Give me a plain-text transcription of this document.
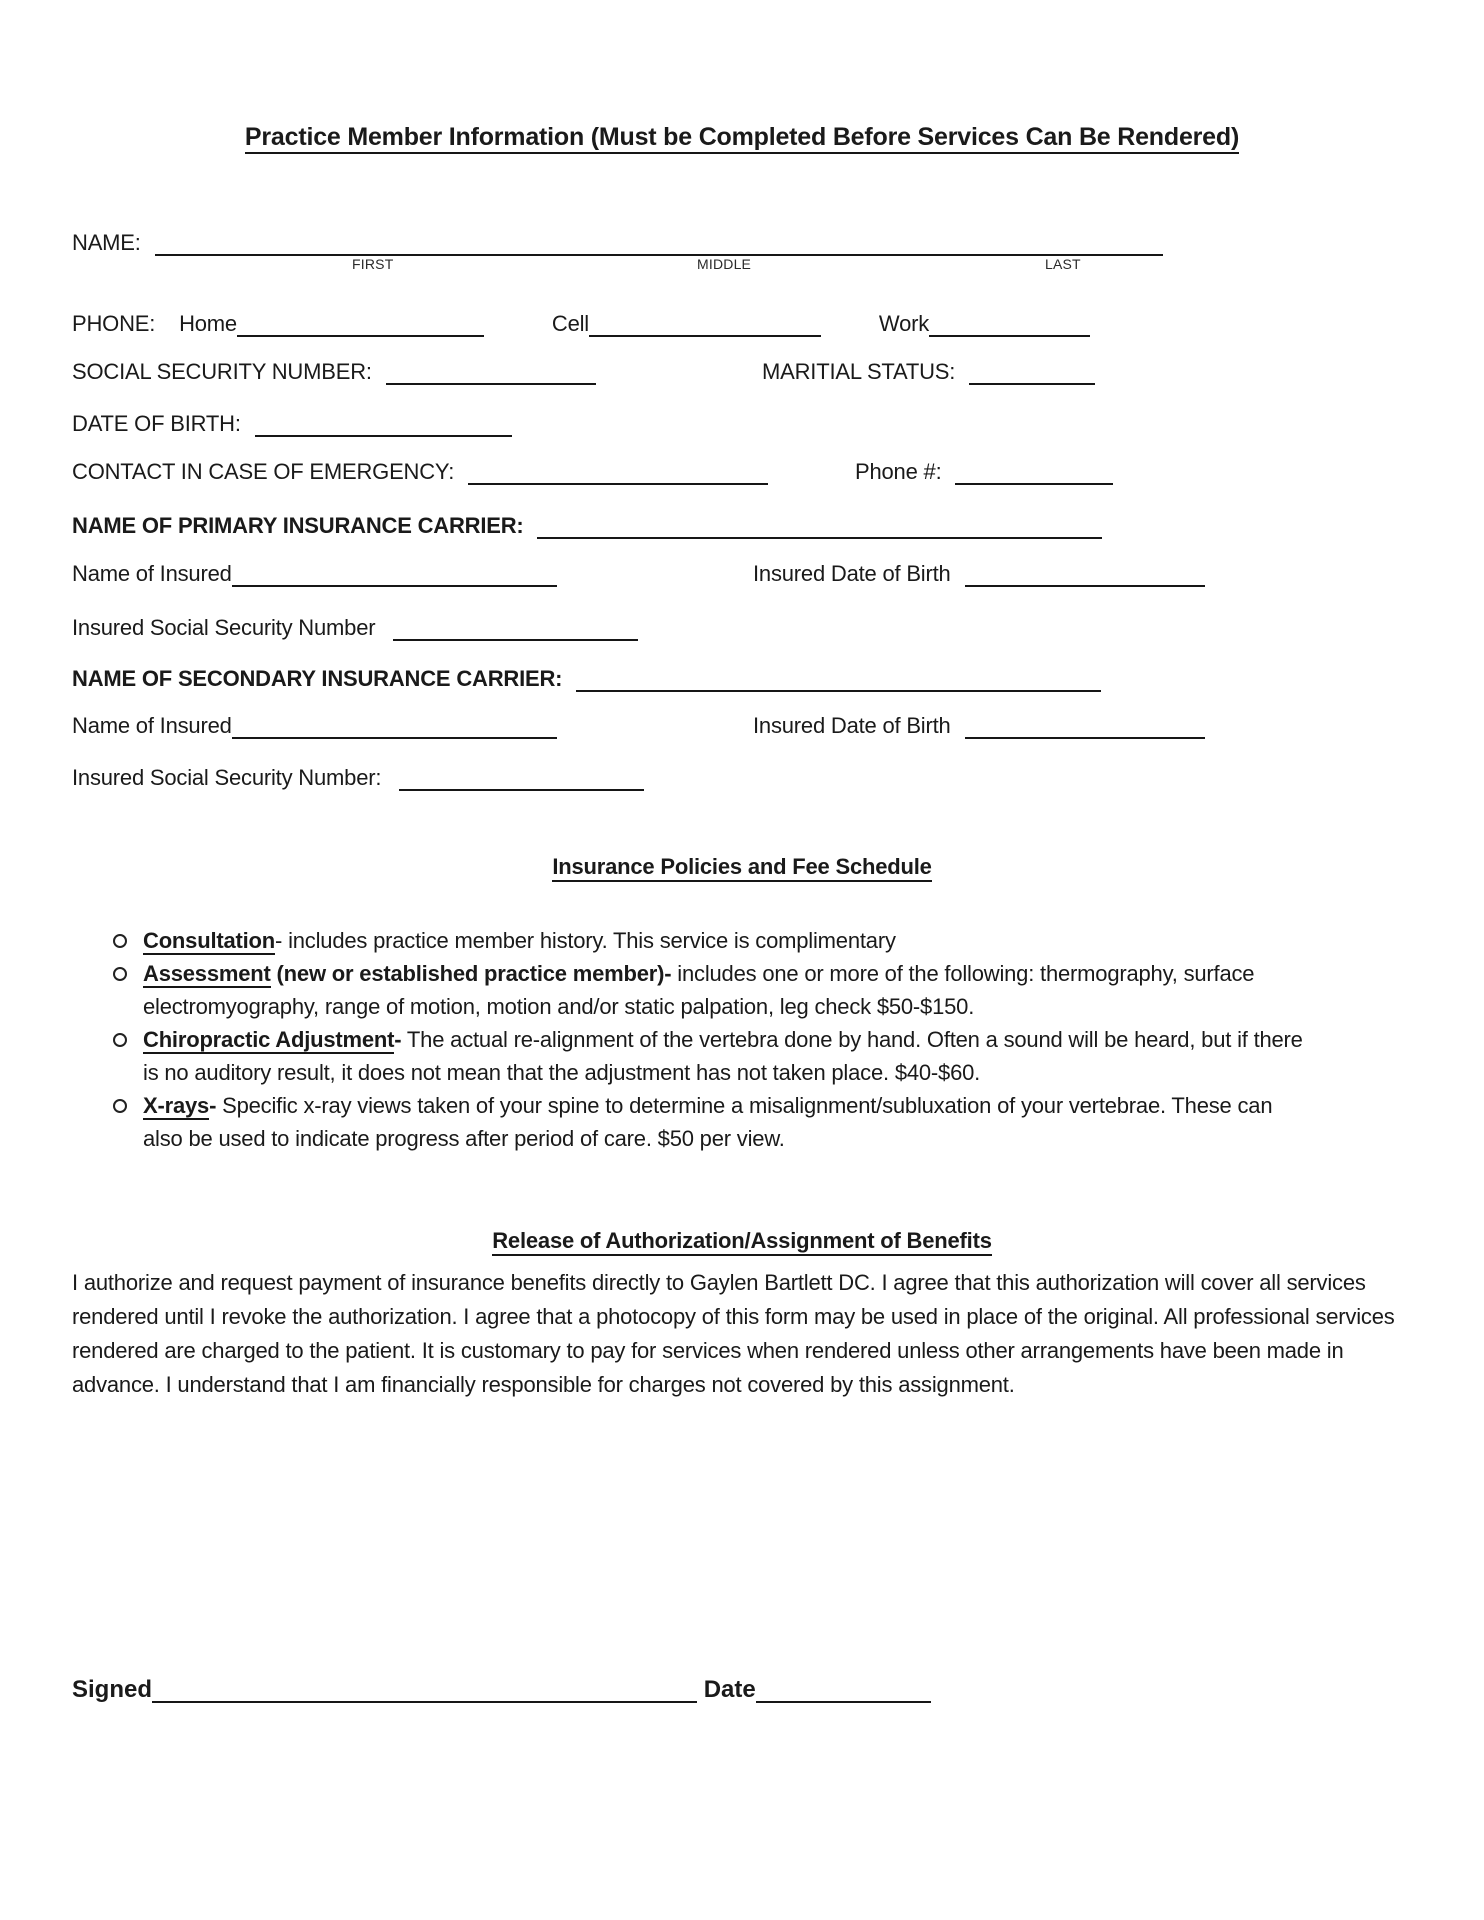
Practice Member Information (Must be Completed Before Services Can Be Rendered)
NAME:
FIRST	MIDDLE	LAST
PHONE: Home	Cell	Work
SOCIAL SECURITY NUMBER:	MARITIAL STATUS:
DATE OF BIRTH:
CONTACT IN CASE OF EMERGENCY:	Phone #:
NAME OF PRIMARY INSURANCE CARRIER:
Name of Insured	Insured Date of Birth
Insured Social Security Number
NAME OF SECONDARY INSURANCE CARRIER:
Name of Insured	Insured Date of Birth
Insured Social Security Number:
Insurance Policies and Fee Schedule
Consultation- includes practice member history. This service is complimentary
Assessment (new or established practice member)- includes one or more of the following: thermography, surface electromyography, range of motion, motion and/or static palpation, leg check $50-$150.
Chiropractic Adjustment- The actual re-alignment of the vertebra done by hand. Often a sound will be heard, but if there is no auditory result, it does not mean that the adjustment has not taken place. $40-$60.
X-rays- Specific x-ray views taken of your spine to determine a misalignment/subluxation of your vertebrae. These can also be used to indicate progress after period of care. $50 per view.
Release of Authorization/Assignment of Benefits
I authorize and request payment of insurance benefits directly to Gaylen Bartlett DC. I agree that this authorization will cover all services rendered until I revoke the authorization. I agree that a photocopy of this form may be used in place of the original. All professional services rendered are charged to the patient. It is customary to pay for services when rendered unless other arrangements have been made in advance. I understand that I am financially responsible for charges not covered by this assignment.
Signed	Date
